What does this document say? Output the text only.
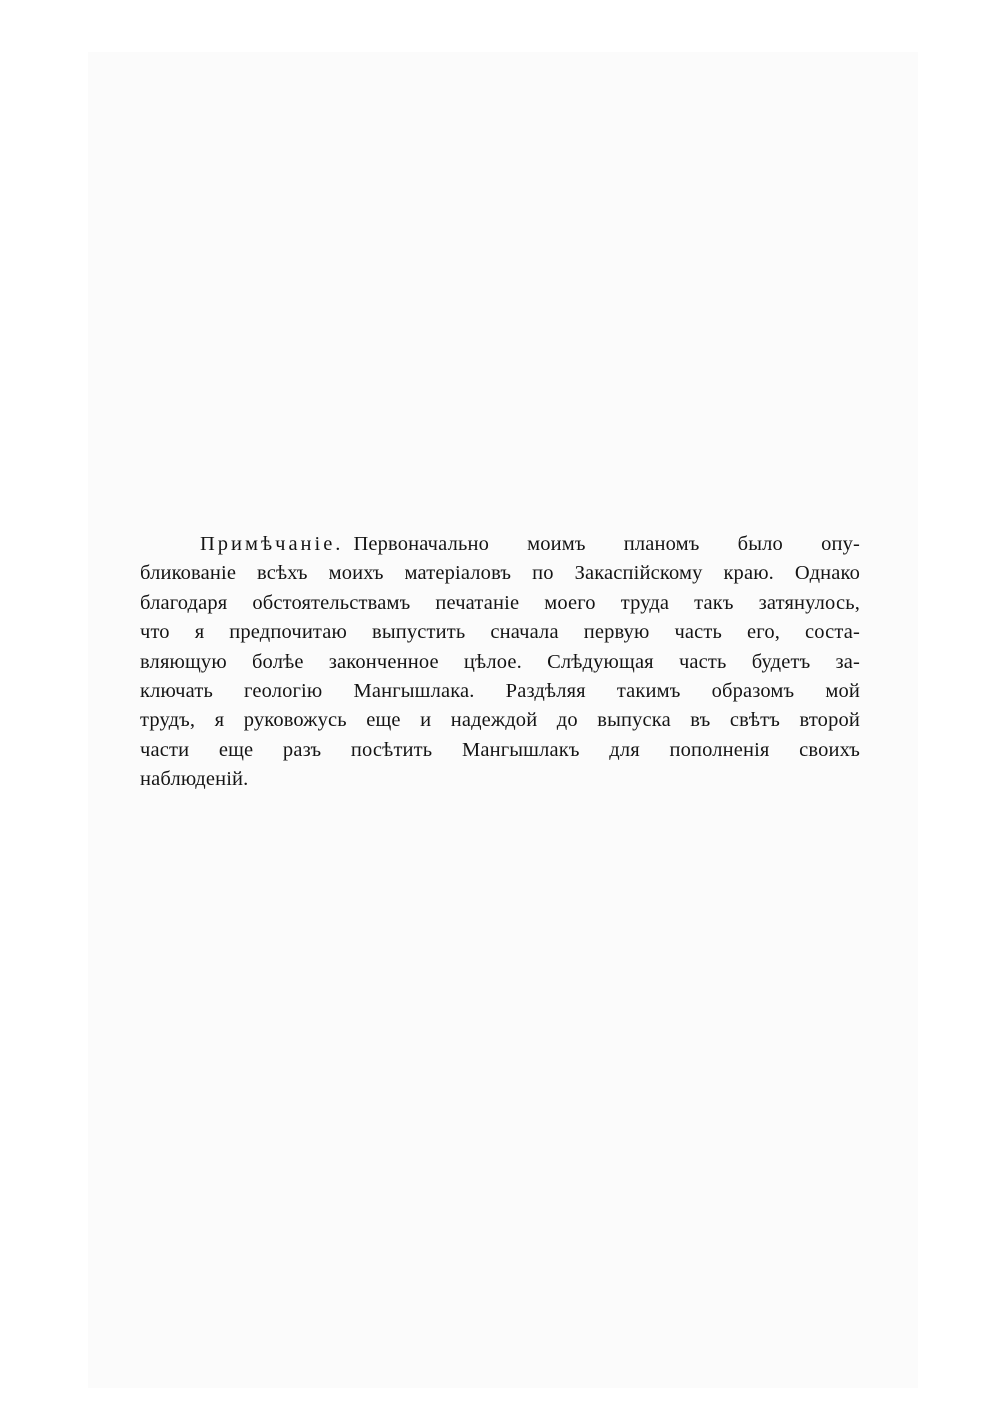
Примѣчаніе. Первоначально моимъ планомъ было опу-
бликованіе всѣхъ моихъ матеріаловъ по Закаспійскому краю. Однако
благодаря обстоятельствамъ печатаніе моего труда такъ затянулось,
что я предпочитаю выпустить сначала первую часть его, соста-
вляющую болѣе законченное цѣлое. Слѣдующая часть будетъ за-
ключать геологію Мангышлака. Раздѣляя такимъ образомъ мой
трудъ, я руковожусь еще и надеждой до выпуска въ свѣтъ второй
части еще разъ посѣтить Мангышлакъ для пополненія своихъ
наблюденій.
